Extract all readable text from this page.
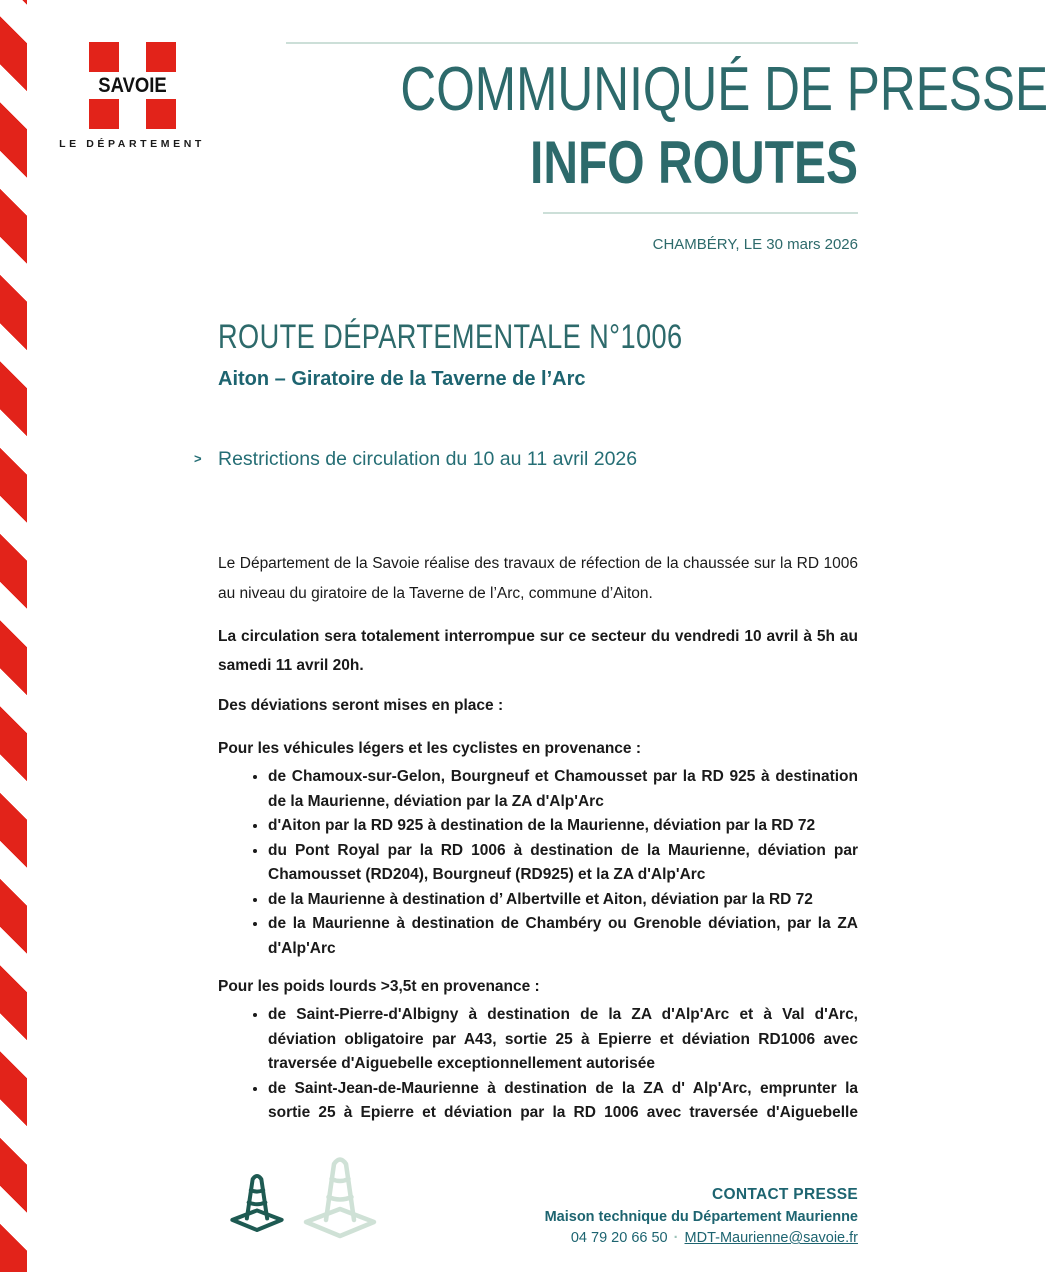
SAVOIE
LE DÉPARTEMENT
COMMUNIQUÉ DE PRESSE
INFO ROUTES
CHAMBÉRY, LE 30 mars 2026
ROUTE DÉPARTEMENTALE N°1006
Aiton – Giratoire de la Taverne de l’Arc
> Restrictions de circulation du 10 au 11 avril 2026

Le Département de la Savoie réalise des travaux de réfection de la chaussée sur la RD 1006 au niveau du giratoire de la Taverne de l’Arc, commune d’Aiton.

La circulation sera totalement interrompue sur ce secteur du vendredi 10 avril à 5h au samedi 11 avril 20h.

Des déviations seront mises en place :

Pour les véhicules légers et les cyclistes en provenance :
• de Chamoux-sur-Gelon, Bourgneuf et Chamousset par la RD 925 à destination de la Maurienne, déviation par la ZA d'Alp'Arc
• d'Aiton par la RD 925 à destination de la Maurienne, déviation par la RD 72
• du Pont Royal par la RD 1006 à destination de la Maurienne, déviation par Chamousset (RD204), Bourgneuf (RD925) et la ZA d'Alp'Arc
• de la Maurienne à destination d’ Albertville et Aiton, déviation par la RD 72
• de la Maurienne à destination de Chambéry ou Grenoble déviation, par la ZA d'Alp'Arc
Pour les poids lourds >3,5t en provenance :
• de Saint-Pierre-d'Albigny à destination de la ZA d'Alp'Arc et à Val d'Arc, déviation obligatoire par A43, sortie 25 à Epierre et déviation RD1006 avec traversée d'Aiguebelle exceptionnellement autorisée
• de Saint-Jean-de-Maurienne à destination de la ZA d' Alp'Arc, emprunter la sortie 25 à Epierre et déviation par la RD 1006 avec traversée d'Aiguebelle
CONTACT PRESSE
Maison technique du Département Maurienne
04 79 20 66 50 · MDT-Maurienne@savoie.fr
